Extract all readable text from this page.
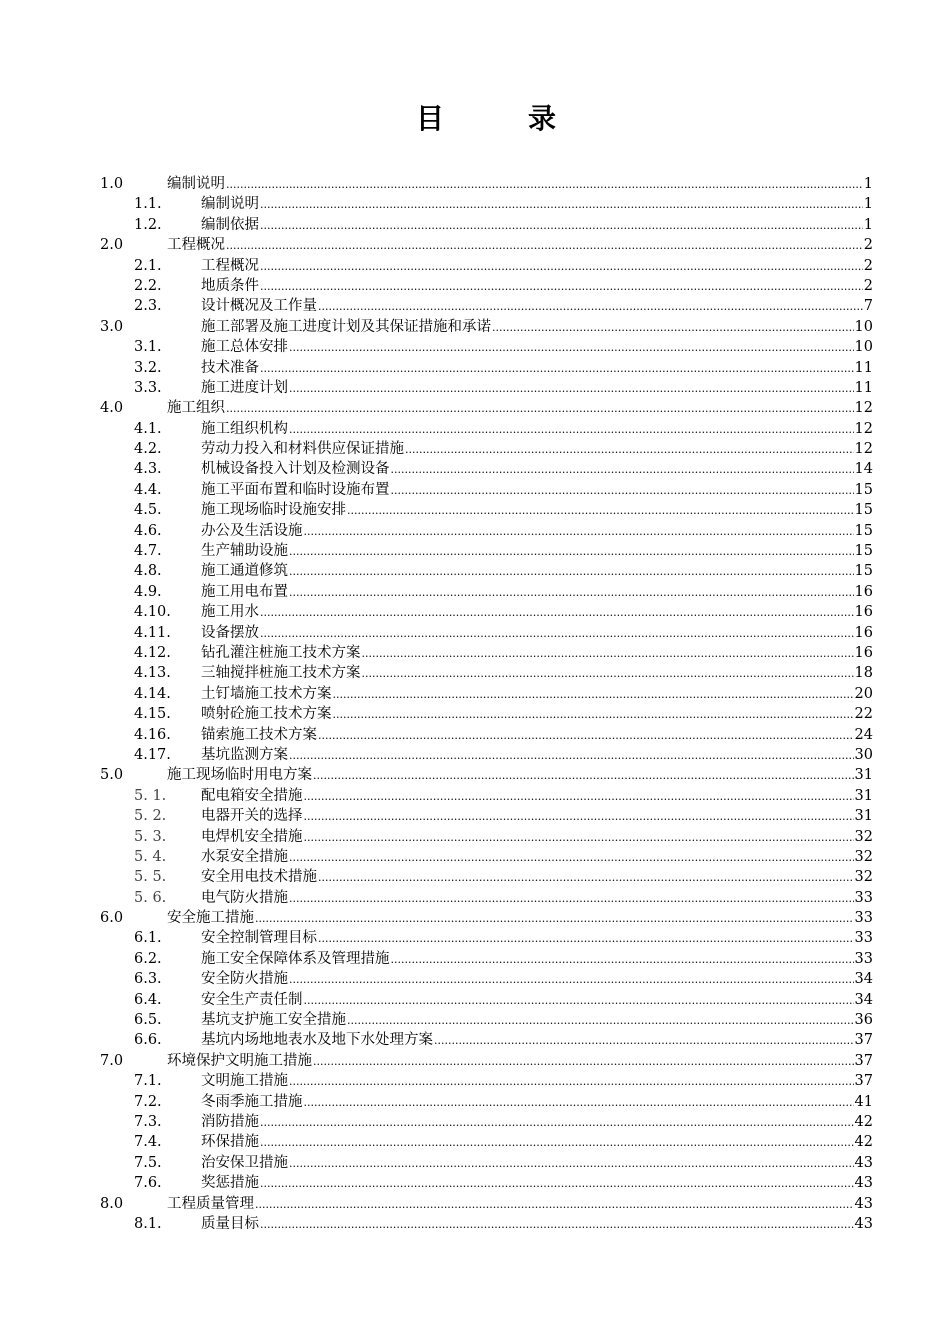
目	录
1.0	编制说明 .....	1
1.1.	编制说明 .....	1
1.2.	编制依据 .....	1
2.0	工程概况 .....	2
2.1.	工程概况 .....	2
2.2.	地质条件 .....	2
2.3.	设计概况及工作量 .....	7
3.0	施工部署及施工进度计划及其保证措施和承诺 .....	10
3.1.	施工总体安排 .....	10
3.2.	技术准备 .....	11
3.3.	施工进度计划 .....	11
4.0	施工组织 .....	12
4.1.	施工组织机构 .....	12
4.2.	劳动力投入和材料供应保证措施 .....	12
4.3.	机械设备投入计划及检测设备 .....	14
4.4.	施工平面布置和临时设施布置 .....	15
4.5.	施工现场临时设施安排 .....	15
4.6.	办公及生活设施 .....	15
4.7.	生产辅助设施 .....	15
4.8.	施工通道修筑 .....	15
4.9.	施工用电布置 .....	16
4.10. 施工用水 .....	16
4.11. 设备摆放 .....	16
4.12. 钻孔灌注桩施工技术方案 .....	16
4.13. 三轴搅拌桩施工技术方案 .....	18
4.14. 土钉墙施工技术方案 .....	20
4.15. 喷射砼施工技术方案 .....	22
4.16. 锚索施工技术方案 .....	24
4.17. 基坑监测方案 .....	30
5.0	施工现场临时用电方案 .....	31
5. 1. 配电箱安全措施 .....	31
5. 2. 电器开关的选择 .....	31
5. 3. 电焊机安全措施 .....	32
5. 4. 水泵安全措施 .....	32
5. 5. 安全用电技术措施 .....	32
5. 6. 电气防火措施 .....	33
6.0	安全施工措施 .....	33
6.1.	安全控制管理目标 .....	33
6.2.	施工安全保障体系及管理措施 .....	33
6.3.	安全防火措施 .....	34
6.4.	安全生产责任制 .....	34
6.5.	基坑支护施工安全措施 .....	36
6.6.	基坑内场地地表水及地下水处理方案 .....	37
7.0	环境保护文明施工措施 .....	37
7.1.	文明施工措施 .....	37
7.2.	冬雨季施工措施 .....	41
7.3.	消防措施 .....	42
7.4.	环保措施 .....	42
7.5.	治安保卫措施 .....	43
7.6.	奖惩措施 .....	43
8.0	工程质量管理 .....	43
8.1.	质量目标 .....	43
